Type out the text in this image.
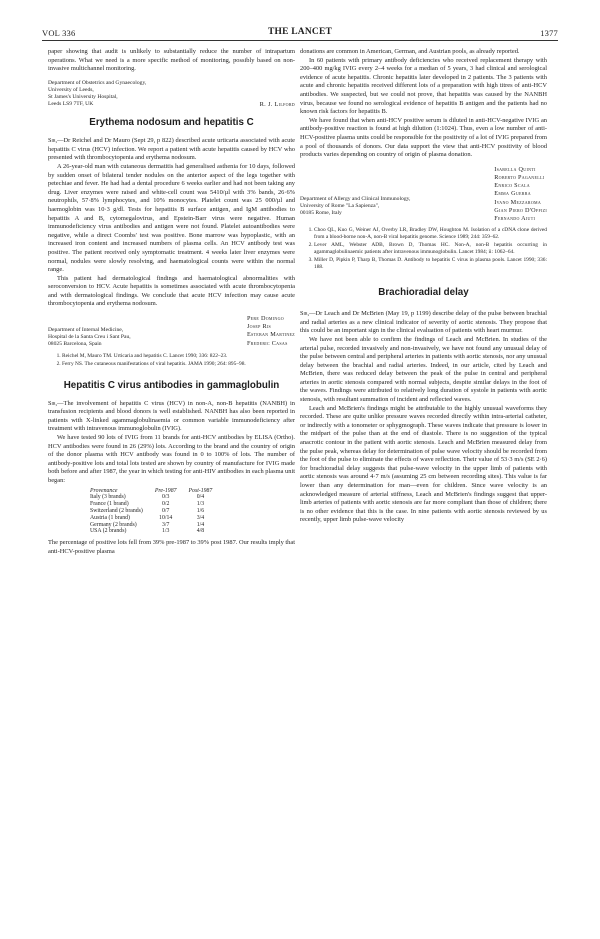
VOL 336	THE LANCET	1377

paper showing that audit is unlikely to substantially reduce the number of intrapartum operations. What we need is a more specific method of monitoring, possibly based on non-invasive multichannel monitoring.

Department of Obstetrics and Gynaecology,
University of Leeds,
St James's University Hospital,
Leeds LS9 7TF, UK	R. J. Lilford
Erythema nodosum and hepatitis C

Sir,—Dr Reichel and Dr Mauro (Sept 29, p 822) described acute urticaria associated with acute hepatitis C virus (HCV) infection. We report a patient with acute hepatitis caused by HCV who presented with thrombocytopenia and erythema nodosum.

A 26-year-old man with cutaneous dermatitis had generalised asthenia for 10 days, followed by sudden onset of bilateral tender nodules on the anterior aspect of the legs together with petechiae and fever. He had had a dental procedure 6 weeks earlier and had not been taking any drug. Liver enzymes were raised and white-cell count was 5410/µl with 3% bands, 26·6% neutrophils, 57·8% lymphocytes, and 10% monocytes. Platelet count was 25 000/µl and haemoglobin was 10·3 g/dl. Tests for hepatitis B surface antigen, and IgM antibodies to hepatitis A and B, cytomegalovirus, and Epstein-Barr virus were negative. Human immunodeficiency virus antibodies and antigen were not found. Platelet autoantibodies were negative, while a direct Coombs' test was positive. Bone marrow was hypoplastic, with an increased iron content and increased numbers of plasma cells. An HCV antibody test was positive. The patient received only symptomatic treatment. 4 weeks later liver enzymes were normal, nodules were slowly resolving, and haematological counts were within the normal range.

This patient had dermatological findings and haematological abnormalities with seroconversion to HCV. Acute hepatitis is sometimes associated with acute thrombocytopenia and with dermatological findings. We conclude that acute HCV infection may cause acute thrombocytopenia and erythema nodosum.

Department of Internal Medicine,
Hospital de la Santa Creu i Sant Pau,
08025 Barcelona, Spain
Pere Domingo
Josep Ris
Esteban Martinez
Frederic Casas
1. Reichel M, Mauro TM. Urticaria and hepatitis C. Lancet 1990; 336: 822–23.
2. Ferry NS. The cutaneous manifestations of viral hepatitis. JAMA 1990; 264: 895–98.
Hepatitis C virus antibodies in gammaglobulin

Sir,—The involvement of hepatitis C virus (HCV) in non-A, non-B hepatitis (NANBH) in transfusion recipients and blood donors is well established. NANBH has also been reported in patients with X-linked agammaglobulinaemia or common variable immunodeficiency after treatment with intravenous immunoglobulin (IVIG).

We have tested 90 lots of IVIG from 11 brands for anti-HCV antibodies by ELISA (Ortho). HCV antibodies were found in 26 (29%) lots. According to the brand and the country of origin of the donor plasma with HCV antibody was found in 0 to 100% of lots. The number of antibody-positive lots and total lots tested are shown by country of manufacture for IVIG made both before and after 1987, the year in which testing for anti-HIV antibodies in each plasma unit began:

Provenance	Pre-1987	Post-1987
Italy (3 brands)	0/3	0/4
France (1 brand)	0/2	1/3
Switzerland (2 brands)	0/7	1/6
Austria (1 brand)	10/14	3/4
Germany (2 brands)	3/7	1/4
USA (2 brands)	1/3	4/8

The percentage of positive lots fell from 39% pre-1987 to 39% post 1987. Our results imply that anti-HCV-positive plasma

donations are common in American, German, and Austrian pools, as already reported.

In 60 patients with primary antibody deficiencies who received replacement therapy with 200–400 mg/kg IVIG every 2–4 weeks for a median of 5 years, 3 had clinical and serological evidence of acute hepatitis. Chronic hepatitis later developed in 2 patients. The 3 patients with acute and chronic hepatitis received different lots of a preparation with high titres of anti-HCV antibodies. We suspected, but we could not prove, that hepatitis was caused by the NANBH virus, because we found no serological evidence of hepatitis B antigen and the patients had no known risk factors for hepatitis B.

We have found that when anti-HCV positive serum is diluted in anti-HCV-negative IVIG an antibody-positive reaction is found at high dilution (1:1024). Thus, even a low number of anti-HCV-positive plasma units could be responsible for the positivity of a lot of IVIG prepared from a pool of thousands of donors. Our data support the view that anti-HCV positivity of blood products varies depending on country of origin of plasma donation.

Department of Allergy and Clinical Immunology,
University of Rome "La Sapienza",
00185 Rome, Italy
Isabella Quinti
Roberto Paganelli
Enrico Scala
Emma Guerra
Ivano Mezzaroma
Gian Piero D'Offizi
Fernando Aiuti
1. Choo QL, Kuo G, Weiner AJ, Overby LR, Bradley DW, Houghton M. Isolation of a cDNA clone derived from a blood-borne non-A, non-B viral hepatitis genome. Science 1989; 244: 359–62.
2. Lever AML, Webster ADB, Brown D, Thomas HC. Non-A, non-B hepatitis occurring in agammaglobulinaemic patients after intravenous immunoglobulin. Lancet 1984; ii: 1062–64.
3. Miller D, Pipkin P, Tharp B, Thomas D. Antibody to hepatitis C virus in plasma pools. Lancet 1990; 336: 188.
Brachioradial delay

Sir,—Dr Leach and Dr McBrien (May 19, p 1199) describe delay of the pulse between brachial and radial arteries as a new clinical indicator of severity of aortic stenosis. They propose that this could be an important sign in the clinical evaluation of patients with heart murmur.

We have not been able to confirm the findings of Leach and McBrien. In studies of the arterial pulse, recorded invasively and non-invasively, we have not found any unusual delay of the pulse between central and peripheral arteries in patients with aortic stenosis, nor any unusual delay between the brachial and radial arteries. Indeed, in our article, cited by Leach and McBrien, there was reduced delay between the peak of the pulse in central and peripheral arteries in aortic stenosis compared with normal subjects, despite similar delays in the foot of the waves. Findings were attributed to relatively long duration of systole in patients with aortic stenosis, with resultant summation of incident and reflected waves.

Leach and McBrien's findings might be attributable to the highly unusual waveforms they recorded. These are quite unlike pressure waves recorded directly within intra-arterial catheter, or indirectly with a tonometer or sphygmograph. These waves indicate that pressure is lower in the midpart of the pulse than at the end of diastole. There is no suggestion of the typical anacrotic contour in the patient with aortic stenosis. Leach and McBrien measured delay from the pulse peak, whereas delay for determination of pulse wave velocity should be recorded from the foot of the pulse to eliminate the effects of wave reflection. Their value of 53·3 m/s (SE 2·6) for brachioradial delay suggests that pulse-wave velocity in the upper limb of patients with aortic stenosis was around 4·7 m/s (assuming 25 cm between recording sites). This value is far lower than any determination for man—even for children. Since wave velocity is an acknowledged measure of arterial stiffness, Leach and McBrien's findings suggest that upper-limb arteries of patients with aortic stenosis are far more compliant than those of children; there is no other evidence that this is the case. In nine patients with aortic stenosis reviewed by us recently, upper limb pulse-wave velocity
